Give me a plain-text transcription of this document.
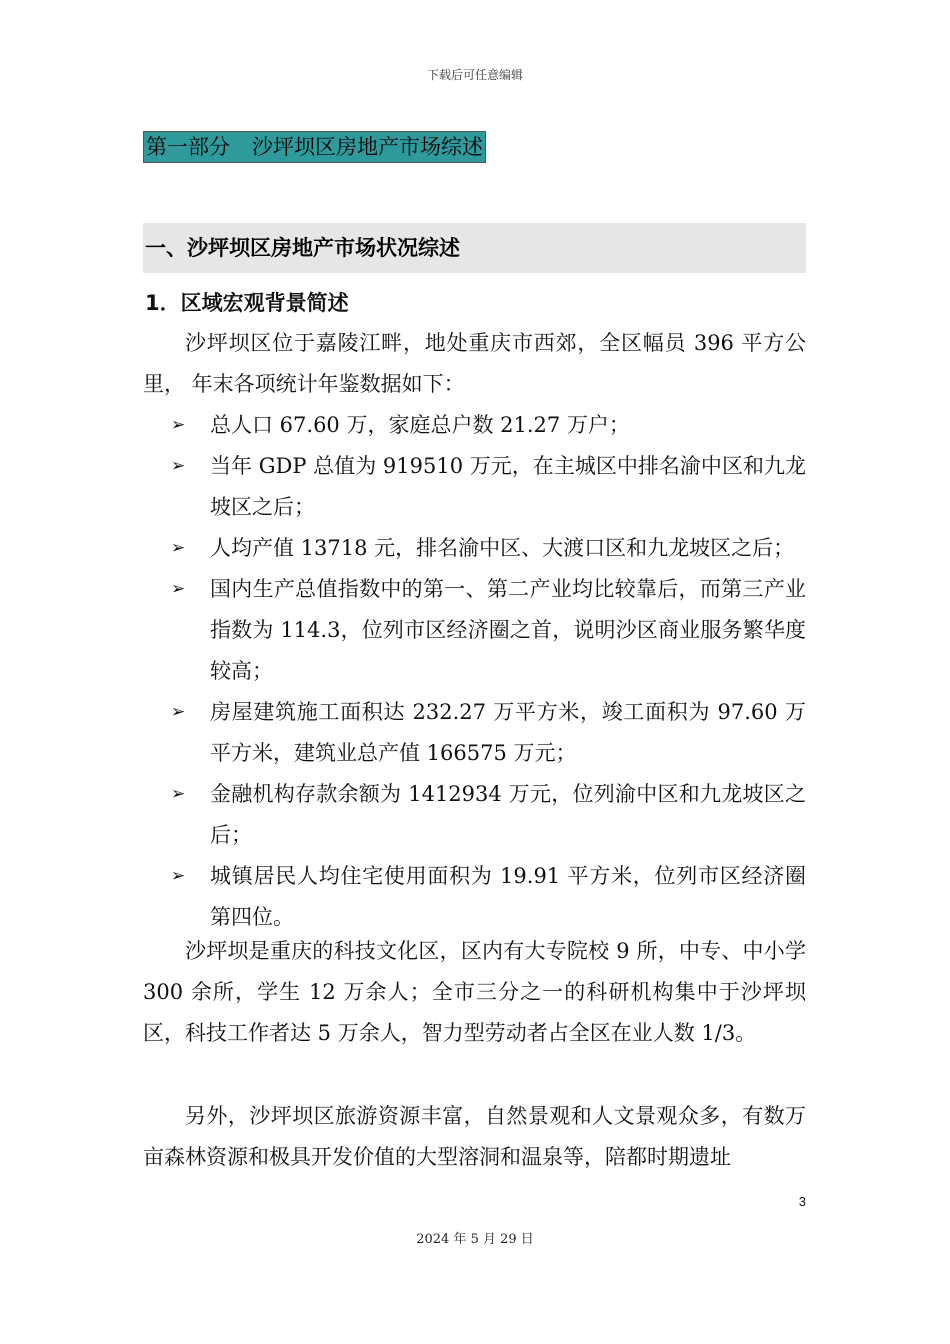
下载后可任意编辑
第一部分 沙坪坝区房地产市场综述
一、沙坪坝区房地产市场状况综述
1．区域宏观背景简述

沙坪坝区位于嘉陵江畔，地处重庆市西郊，全区幅员 396 平方公里， 年末各项统计年鉴数据如下：

➢ 总人口 67.60 万，家庭总户数 21.27 万户；
➢ 当年 GDP 总值为 919510 万元，在主城区中排名渝中区和九龙坡区之后；
➢ 人均产值 13718 元，排名渝中区、大渡口区和九龙坡区之后；
➢ 国内生产总值指数中的第一、第二产业均比较靠后，而第三产业指数为 114.3，位列市区经济圈之首，说明沙区商业服务繁华度较高；
➢ 房屋建筑施工面积达 232.27 万平方米，竣工面积为 97.60 万平方米，建筑业总产值 166575 万元；
➢ 金融机构存款余额为 1412934 万元，位列渝中区和九龙坡区之后；
➢ 城镇居民人均住宅使用面积为 19.91 平方米，位列市区经济圈第四位。

沙坪坝是重庆的科技文化区，区内有大专院校 9 所，中专、中小学 300 余所，学生 12 万余人；全市三分之一的科研机构集中于沙坪坝区，科技工作者达 5 万余人，智力型劳动者占全区在业人数 1/3。

另外，沙坪坝区旅游资源丰富，自然景观和人文景观众多，有数万亩森林资源和极具开发价值的大型溶洞和温泉等，陪都时期遗址

3
2024 年 5 月 29 日
